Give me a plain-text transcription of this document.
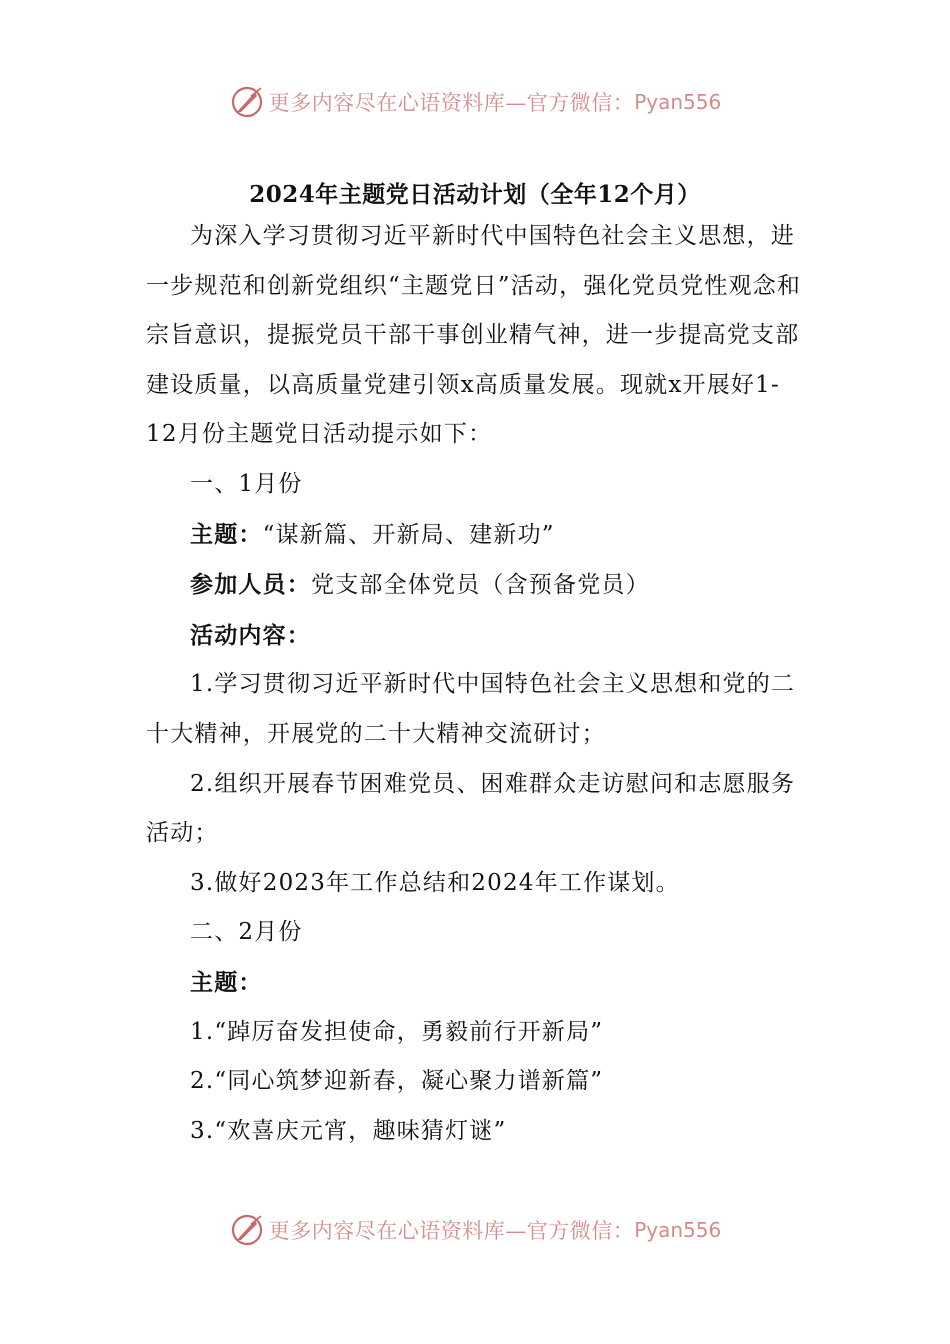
更多内容尽在心语资料库—官方微信： Pyan556
2024年主题党日活动计划（全年12个月）

为深入学习贯彻习近平新时代中国特色社会主义思想，进一步规范和创新党组织“主题党日”活动，强化党员党性观念和宗旨意识，提振党员干部干事创业精气神，进一步提高党支部建设质量，以高质量党建引领x高质量发展。现就x开展好1-12月份主题党日活动提示如下：

一、1月份

主题：“谋新篇、开新局、建新功”

参加人员：党支部全体党员（含预备党员）

活动内容：

1.学习贯彻习近平新时代中国特色社会主义思想和党的二十大精神，开展党的二十大精神交流研讨；

2.组织开展春节困难党员、困难群众走访慰问和志愿服务活动；

3.做好2023年工作总结和2024年工作谋划。

二、2月份

主题：

1.“踔厉奋发担使命，勇毅前行开新局”

2.“同心筑梦迎新春，凝心聚力谱新篇”

3.“欢喜庆元宵，趣味猜灯谜”

更多内容尽在心语资料库—官方微信： Pyan556
